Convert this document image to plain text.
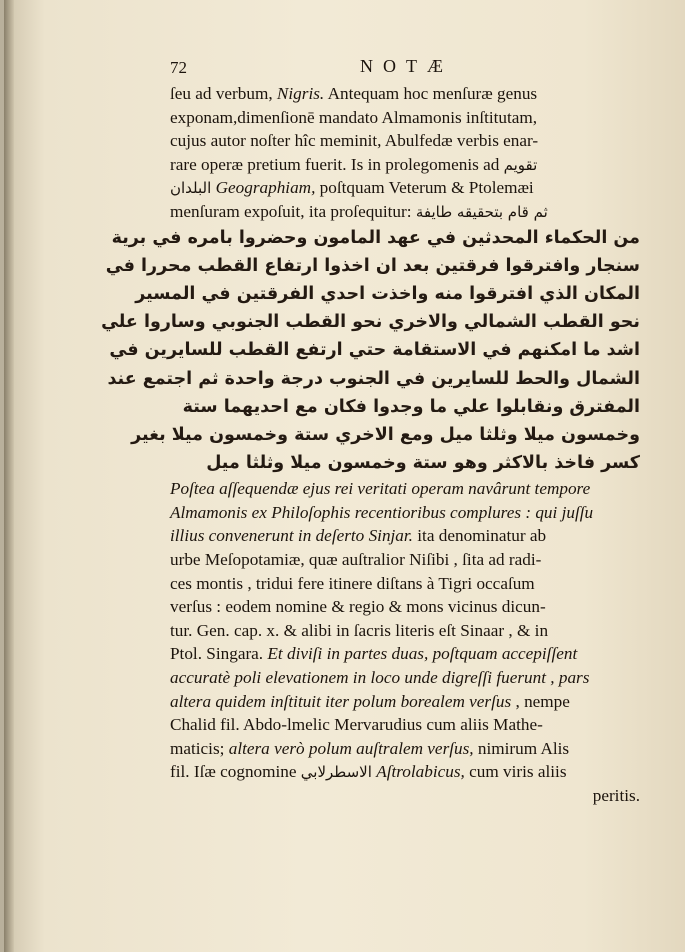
72	NOTÆ
ſeu ad verbum, Nigris. Antequam hoc menſuræ genus
exponam,dimenſionē mandato Almamonis inſtitutam,
cujus autor noſter hîc meminit, Abulfedæ verbis enar-
rare operæ pretium fuerit. Is in prolegomenis ad تقويم
البلدان Geographiam, poſtquam Veterum & Ptolemæi
menſuram expoſuit, ita proſequitur: ثم قام بتحقيقه طايفة
من الحكماء المحدثين في عهد المامون وحضروا بامره في برية
سنجار وافترقوا فرقتين بعد ان اخذوا ارتفاع القطب محررا في
المكان الذي افترقوا منه واخذت احدي الفرقتين في المسير
نحو القطب الشمالي والاخري نحو القطب الجنوبي وساروا علي
اشد ما امكنهم في الاستقامة حتي ارتفع القطب للسايرين في
الشمال والحط للسايرين في الجنوب درجة واحدة ثم اجتمع عند
المفترق ونقابلوا علي ما وجدوا فكان مع احديهما ستة
وخمسون ميلا وثلثا ميل ومع الاخري ستة وخمسون ميلا بغير
كسر فاخذ بالاكثر وهو ستة وخمسون ميلا وثلثا ميل
Poſtea aſſequendæ ejus rei veritati operam navârunt tempore
Almamonis ex Philoſophis recentioribus complures : qui juſſu
illius convenerunt in deſerto Sinjar. ita denominatur ab
urbe Meſopotamiæ, quæ auſtralior Niſibi , ſita ad radi-
ces montis , tridui fere itinere diſtans à Tigri occaſum
verſus : eodem nomine & regio & mons vicinus dicun-
tur. Gen. cap. x. & alibi in ſacris literis eſt Sinaar , & in
Ptol. Singara. Et diviſi in partes duas, poſtquam accepiſſent
accuratè poli elevationem in loco unde digreſſi fuerunt , pars
altera quidem inſtituit iter polum borealem verſus , nempe
Chalid fil. Abdo-lmelic Mervarudius cum aliis Mathe-
maticis; altera verò polum auſtralem verſus, nimirum Alis
fil. Iſæ cognomine الاسطرلابي Aſtrolabicus, cum viris aliis
peritis.
